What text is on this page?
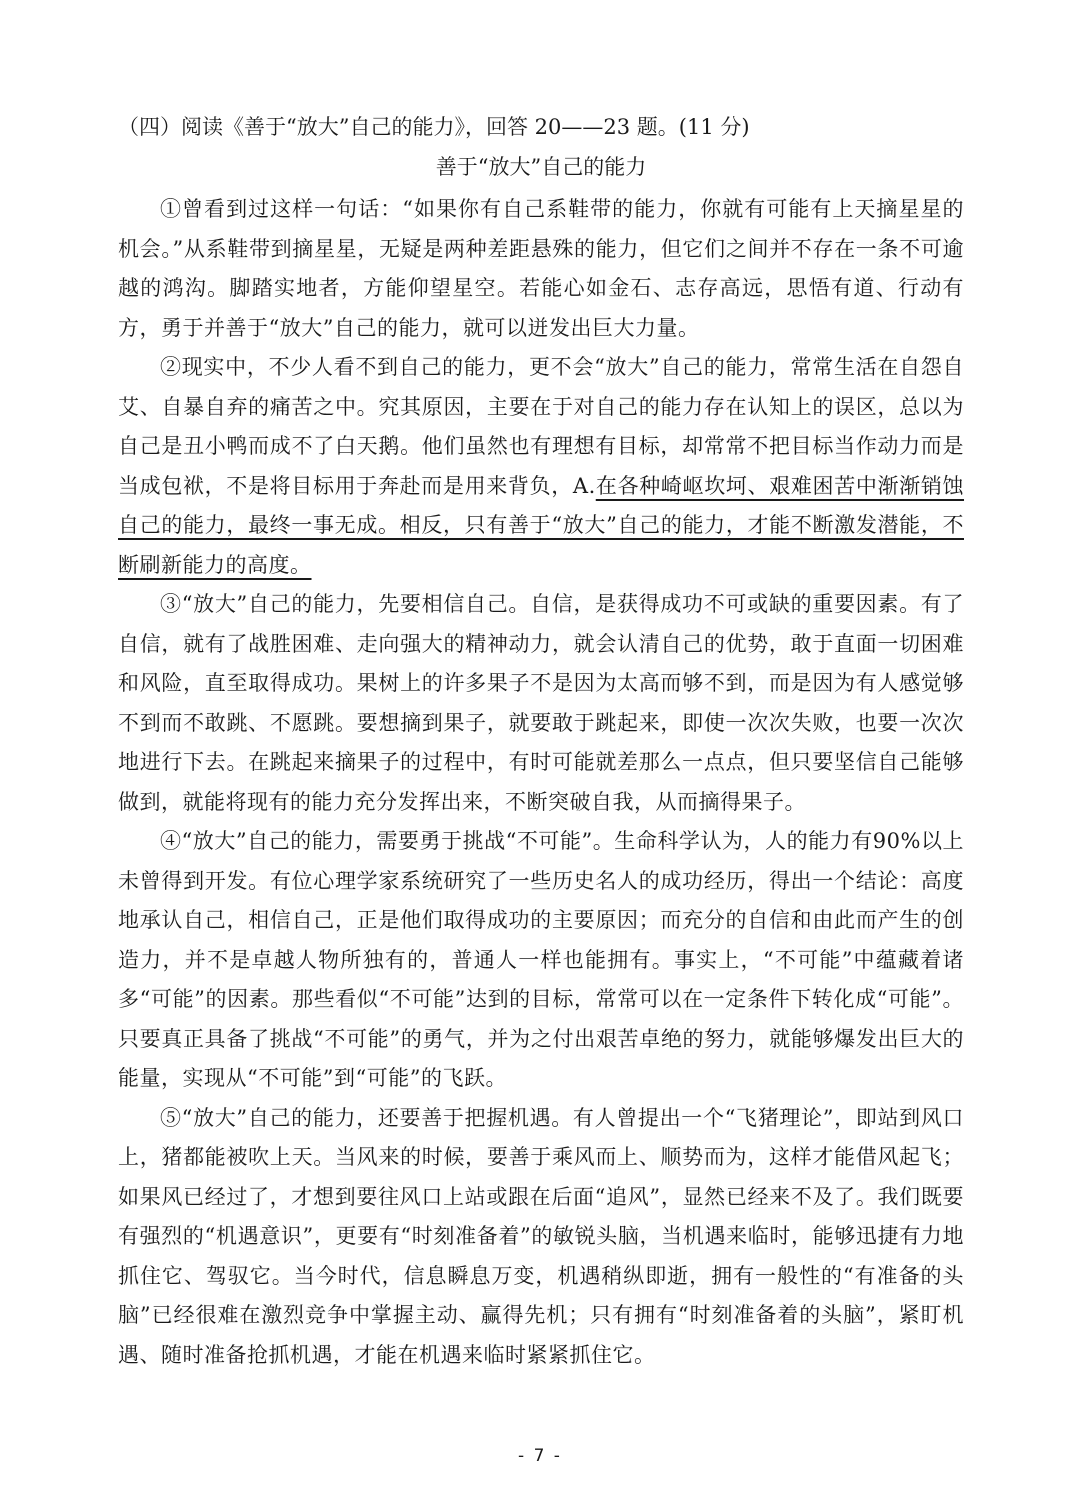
（四）阅读《善于“放大”自己的能力》，回答 20——23 题。(11 分)
善于“放大”自己的能力

①曾看到过这样一句话：“如果你有自己系鞋带的能力，你就有可能有上天摘星星的机会。”从系鞋带到摘星星，无疑是两种差距悬殊的能力，但它们之间并不存在一条不可逾越的鸿沟。脚踏实地者，方能仰望星空。若能心如金石、志存高远，思悟有道、行动有方，勇于并善于“放大”自己的能力，就可以迸发出巨大力量。

②现实中，不少人看不到自己的能力，更不会“放大”自己的能力，常常生活在自怨自艾、自暴自弃的痛苦之中。究其原因，主要在于对自己的能力存在认知上的误区，总以为自己是丑小鸭而成不了白天鹅。他们虽然也有理想有目标，却常常不把目标当作动力而是当成包袱，不是将目标用于奔赴而是用来背负，A.在各种崎岖坎坷、艰难困苦中渐渐销蚀自己的能力，最终一事无成。相反，只有善于“放大”自己的能力，才能不断激发潜能，不断刷新能力的高度。

③“放大”自己的能力，先要相信自己。自信，是获得成功不可或缺的重要因素。有了自信，就有了战胜困难、走向强大的精神动力，就会认清自己的优势，敢于直面一切困难和风险，直至取得成功。果树上的许多果子不是因为太高而够不到，而是因为有人感觉够不到而不敢跳、不愿跳。要想摘到果子，就要敢于跳起来，即使一次次失败，也要一次次地进行下去。在跳起来摘果子的过程中，有时可能就差那么一点点，但只要坚信自己能够做到，就能将现有的能力充分发挥出来，不断突破自我，从而摘得果子。

④“放大”自己的能力，需要勇于挑战“不可能”。生命科学认为，人的能力有90%以上未曾得到开发。有位心理学家系统研究了一些历史名人的成功经历，得出一个结论：高度地承认自己，相信自己，正是他们取得成功的主要原因；而充分的自信和由此而产生的创造力，并不是卓越人物所独有的，普通人一样也能拥有。事实上，“不可能”中蕴藏着诸多“可能”的因素。那些看似“不可能”达到的目标，常常可以在一定条件下转化成“可能”。只要真正具备了挑战“不可能”的勇气，并为之付出艰苦卓绝的努力，就能够爆发出巨大的能量，实现从“不可能”到“可能”的飞跃。

⑤“放大”自己的能力，还要善于把握机遇。有人曾提出一个“飞猪理论”，即站到风口上，猪都能被吹上天。当风来的时候，要善于乘风而上、顺势而为，这样才能借风起飞；如果风已经过了，才想到要往风口上站或跟在后面“追风”，显然已经来不及了。我们既要有强烈的“机遇意识”，更要有“时刻准备着”的敏锐头脑，当机遇来临时，能够迅捷有力地抓住它、驾驭它。当今时代，信息瞬息万变，机遇稍纵即逝，拥有一般性的“有准备的头脑”已经很难在激烈竞争中掌握主动、赢得先机；只有拥有“时刻准备着的头脑”，紧盯机遇、随时准备抢抓机遇，才能在机遇来临时紧紧抓住它。

- 7 -
